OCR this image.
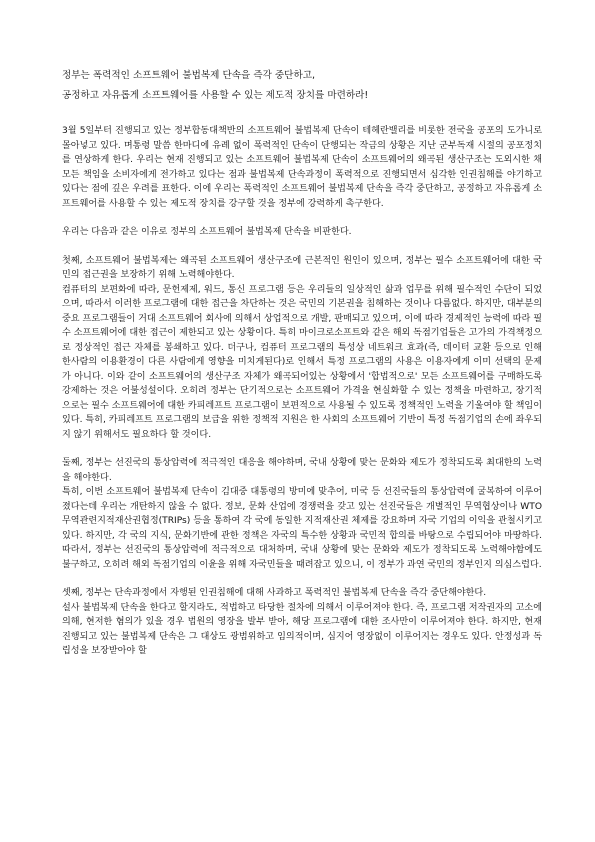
정부는 폭력적인 소프트웨어 불법복제 단속을 즉각 중단하고,
공정하고 자유롭게 소프트웨어를 사용할 수 있는 제도적 장치를 마련하라!

3월 5일부터 진행되고 있는 정부합동대책반의 소프트웨어 불법복제 단속이 테헤란밸리를 비롯한 전국을 공포의 도가니로 몰아넣고 있다. 며통령 말씀 한마디에 유례 없이 폭력적인 단속이 단행되는 작금의 상황은 지난 군부독재 시절의 공포정치를 연상하게 한다. 우리는 현재 진행되고 있는 소프트웨어 불법복제 단속이 소프트웨어의 왜곡된 생산구조는 도외시한 채 모든 책임을 소비자에게 전가하고 있다는 점과 불법복제 단속과정이 폭력적으로 진행되면서 심각한 인권침해를 야기하고 있다는 점에 깊은 우려를 표한다. 이에 우리는 폭력적인 소프트웨어 불법복제 단속을 즉각 중단하고, 공정하고 자유롭게 소프트웨어를 사용할 수 있는 제도적 장치를 강구할 것을 정부에 강력하게 촉구한다.

우리는 다음과 같은 이유로 정부의 소프트웨어 불법복제 단속을 비판한다.

첫째, 소프트웨어 불법복제는 왜곡된 소프트웨어 생산구조에 근본적인 원인이 있으며, 정부는 필수 소프트웨어에 대한 국민의 접근권을 보장하기 위해 노력해야한다.

컴퓨터의 보편화에 따라, 문헌제제, 워드, 통신 프로그램 등은 우리들의 일상적인 삶과 업무를 위해 필수적인 수단이 되었으며, 따라서 이러한 프로그램에 대한 접근을 차단하는 것은 국민의 기본권을 침해하는 것이나 다름없다. 하지만, 대부분의 중요 프로그램들이 거대 소프트웨어 회사에 의해서 상업적으로 개발, 판매되고 있으며, 이에 따라 경제적인 능력에 따라 필수 소프트웨어에 대한 접근이 제한되고 있는 상황이다. 특히 마이크로소프트와 같은 해외 독점기업들은 고가의 가격책정으로 정상적인 접근 자체를 봉쇄하고 있다. 더구나, 컴퓨터 프로그램의 특성상 네트워크 효과(즉, 데이터 교환 등으로 인해 한사람의 이용환경이 다른 사람에게 영향을 미치게된다)로 인해서 특정 프로그램의 사용은 이용자에게 이미 선택의 문제가 아니다. 이와 같이 소프트웨어의 생산구조 자체가 왜곡되어있는 상황에서 '합법적으로' 모든 소프트웨어를 구매하도록 강제하는 것은 어불성설이다. 오히려 정부는 단기적으로는 소프트웨어 가격을 현실화할 수 있는 정책을 마련하고, 장기적으로는 필수 소프트웨어에 대한 카피레프트 프로그램이 보편적으로 사용될 수 있도록 정책적인 노력을 기울여야 할 책임이 있다. 특히, 카피레프트 프로그램의 보급을 위한 정책적 지원은 한 사회의 소프트웨어 기반이 특정 독점기업의 손에 좌우되지 않기 위해서도 필요하다 할 것이다.

둘째, 정부는 선진국의 통상압력에 적극적인 대응을 해야하며, 국내 상황에 맞는 문화와 제도가 정착되도록 최대한의 노력을 해야한다.

특히, 이번 소프트웨어 불법복제 단속이 김대중 대통령의 방미에 맞추어, 미국 등 선진국들의 통상압력에 굴복하여 이루어졌다는데 우리는 개탄하지 않을 수 없다. 정보, 문화 산업에 경쟁력을 갖고 있는 선진국들은 개별적인 무역협상이나 WTO 무역관련지적재산권협정(TRIPs) 등을 통하여 각 국에 동일한 지적재산권 체제를 강요하며 자국 기업의 이익을 관철시키고 있다. 하지만, 각 국의 지식, 문화기반에 관한 정책은 자국의 특수한 상황과 국민적 합의를 바탕으로 수립되어야 마땅하다. 따라서, 정부는 선진국의 통상압력에 적극적으로 대처하며, 국내 상황에 맞는 문화와 제도가 정착되도록 노력해야함에도 불구하고, 오히려 해외 독점기업의 이윤을 위해 자국민들을 때려잡고 있으니, 이 정부가 과연 국민의 정부인지 의심스럽다.

셋째, 정부는 단속과정에서 자행된 인권침해에 대해 사과하고 폭력적인 불법복제 단속을 즉각 중단해야한다.

설사 불법복제 단속을 한다고 할지라도, 적법하고 타당한 절차에 의해서 이루어져야 한다. 즉, 프로그램 저작권자의 고소에 의해, 현저한 혐의가 있을 경우 법원의 영장을 발부 받아, 해당 프로그램에 대한 조사만이 이루어져야 한다. 하지만, 현재 진행되고 있는 불법복제 단속은 그 대상도 광범위하고 임의적이며, 심지어 영장없이 이루어지는 경우도 있다. 안정성과 독립성을 보장받아야 할
